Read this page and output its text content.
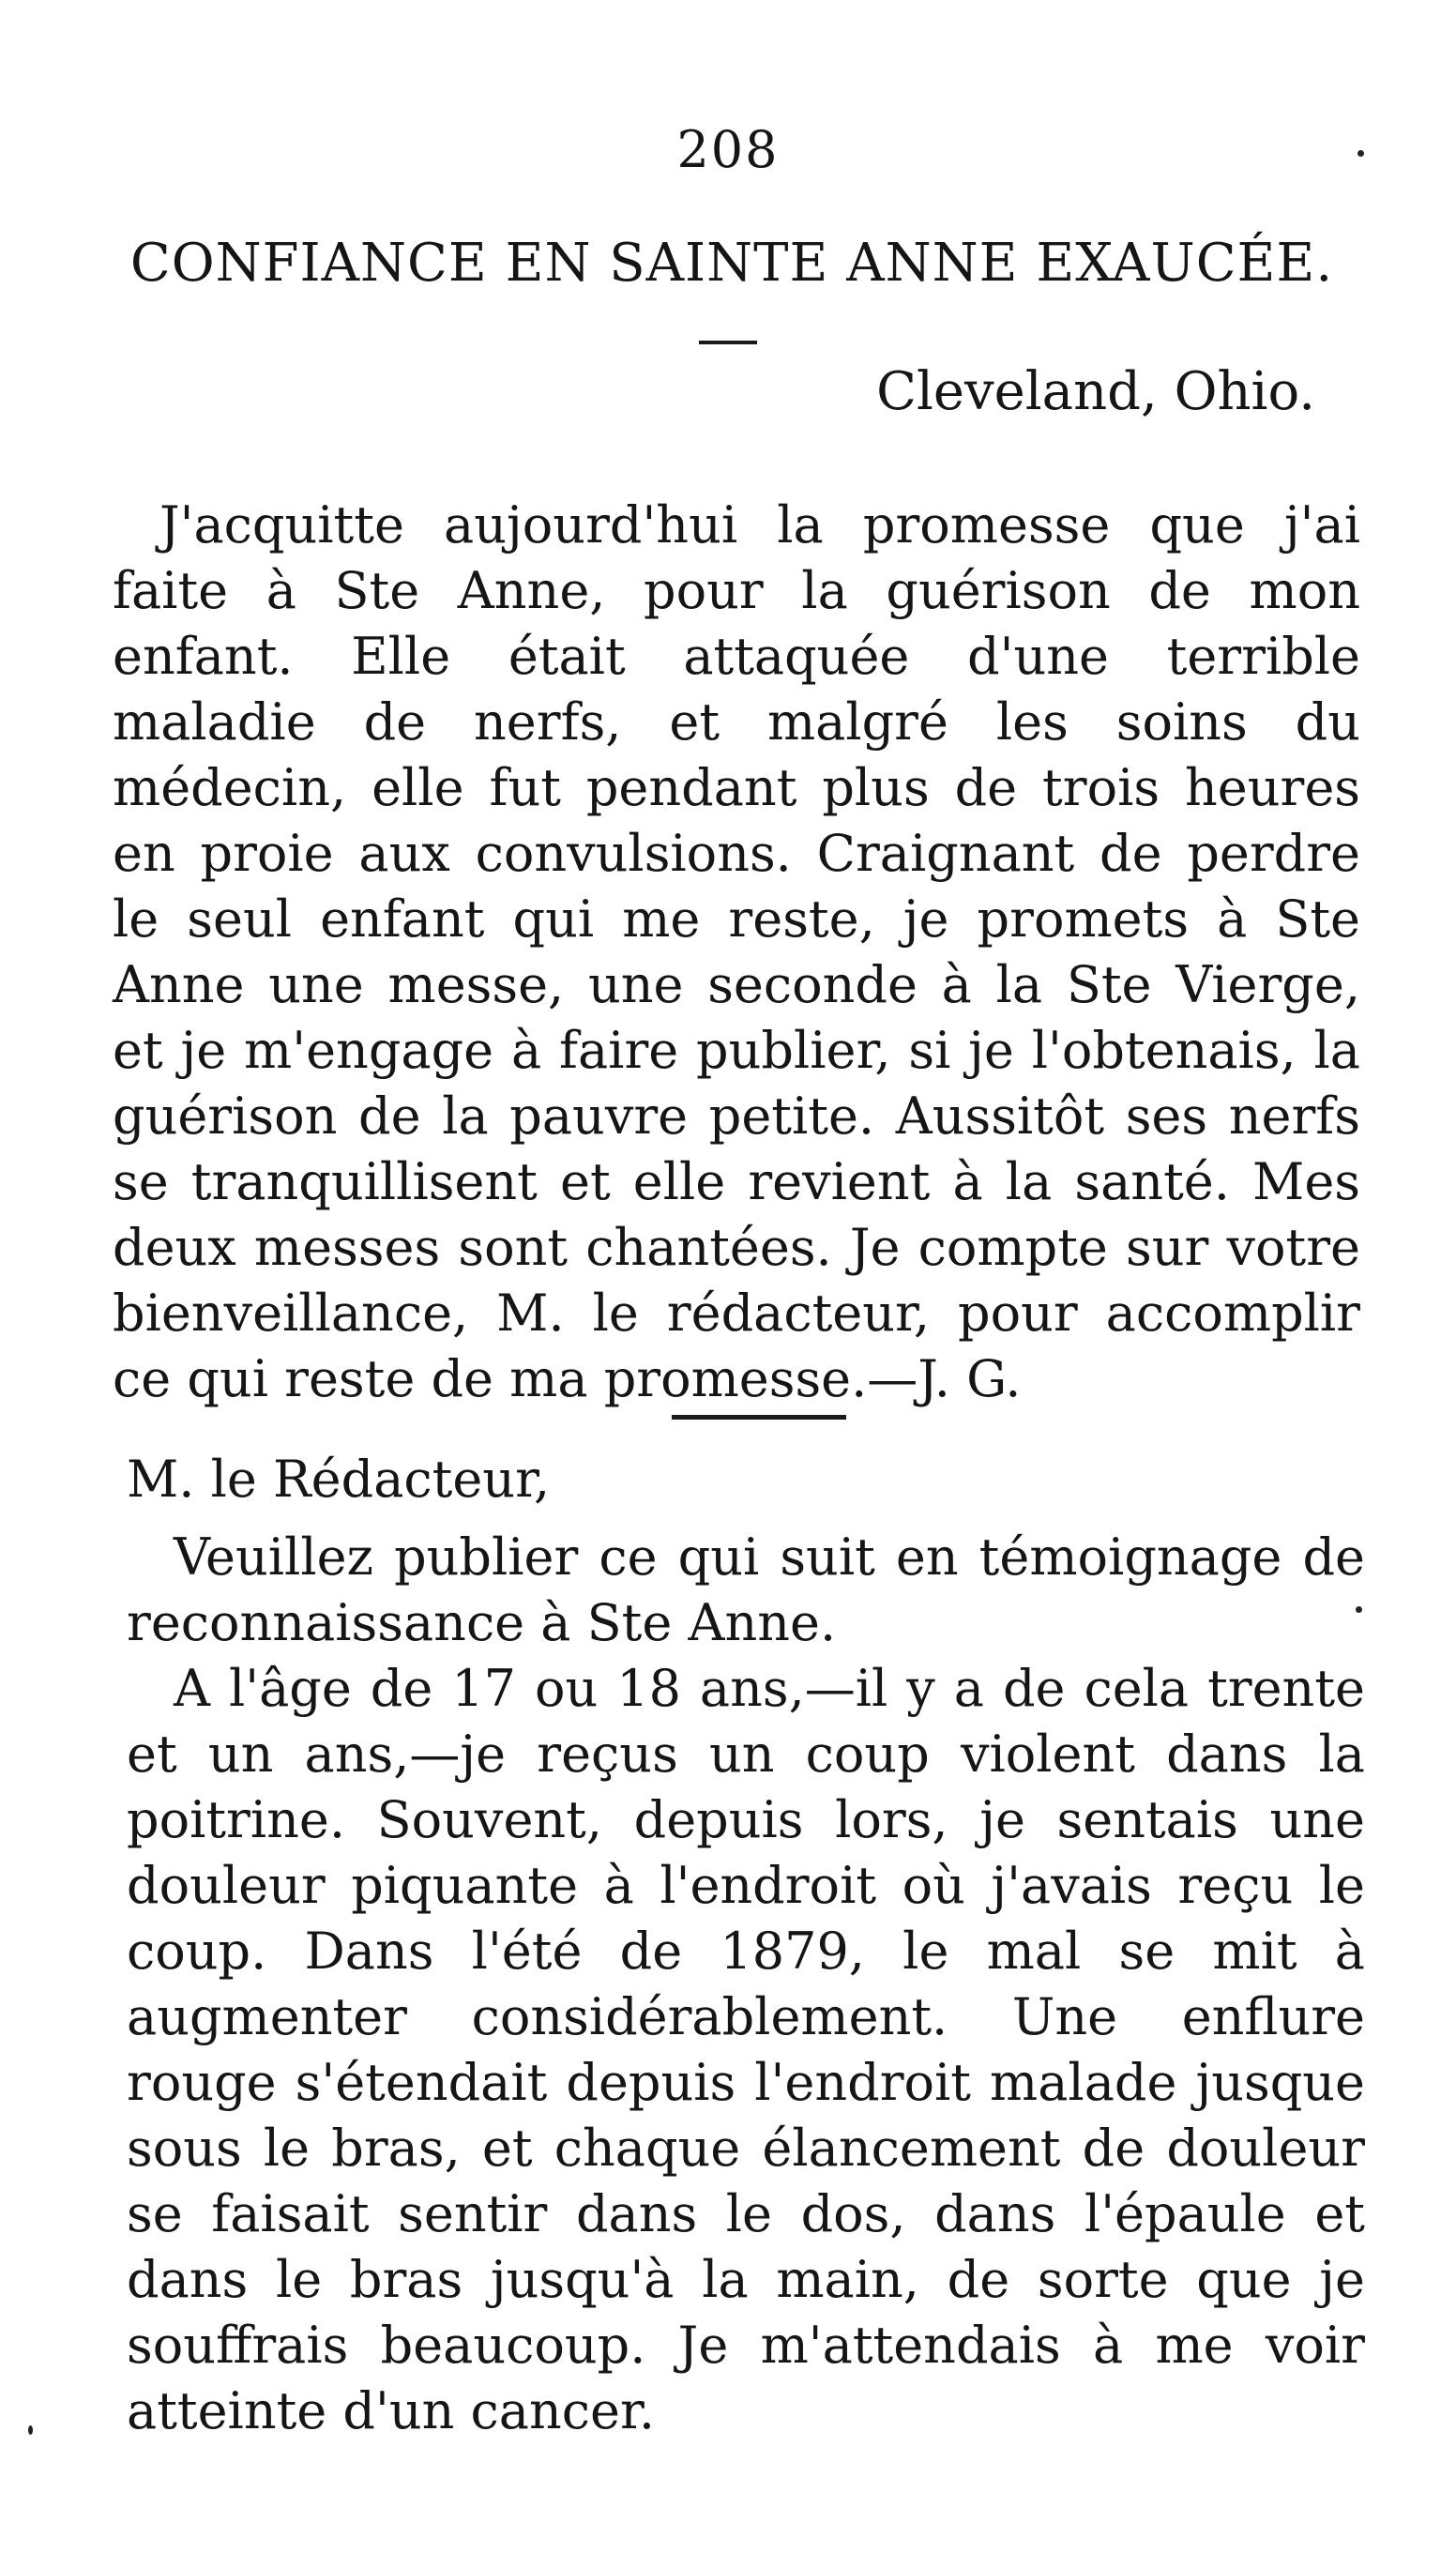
208
CONFIANCE EN SAINTE ANNE EXAUCÉE.
Cleveland, Ohio.

J'acquitte aujourd'hui la promesse que j'ai faite à Ste Anne, pour la guérison de mon enfant. Elle était attaquée d'une terrible maladie de nerfs, et malgré les soins du médecin, elle fut pendant plus de trois heures en proie aux convulsions. Craignant de perdre le seul enfant qui me reste, je promets à Ste Anne une messe, une seconde à la Ste Vierge, et je m'engage à faire publier, si je l'obtenais, la guérison de la pauvre petite. Aussitôt ses nerfs se tranquillisent et elle revient à la santé. Mes deux messes sont chantées. Je compte sur votre bienveillance, M. le rédacteur, pour accomplir ce qui reste de ma promesse.—J. G.

M. le Rédacteur,

Veuillez publier ce qui suit en témoignage de reconnaissance à Ste Anne.

A l'âge de 17 ou 18 ans,—il y a de cela trente et un ans,—je reçus un coup violent dans la poitrine. Souvent, depuis lors, je sentais une douleur piquante à l'endroit où j'avais reçu le coup. Dans l'été de 1879, le mal se mit à augmenter considérablement. Une enflure rouge s'étendait depuis l'endroit malade jusque sous le bras, et chaque élancement de douleur se faisait sentir dans le dos, dans l'épaule et dans le bras jusqu'à la main, de sorte que je souffrais beaucoup. Je m'attendais à me voir atteinte d'un cancer.
